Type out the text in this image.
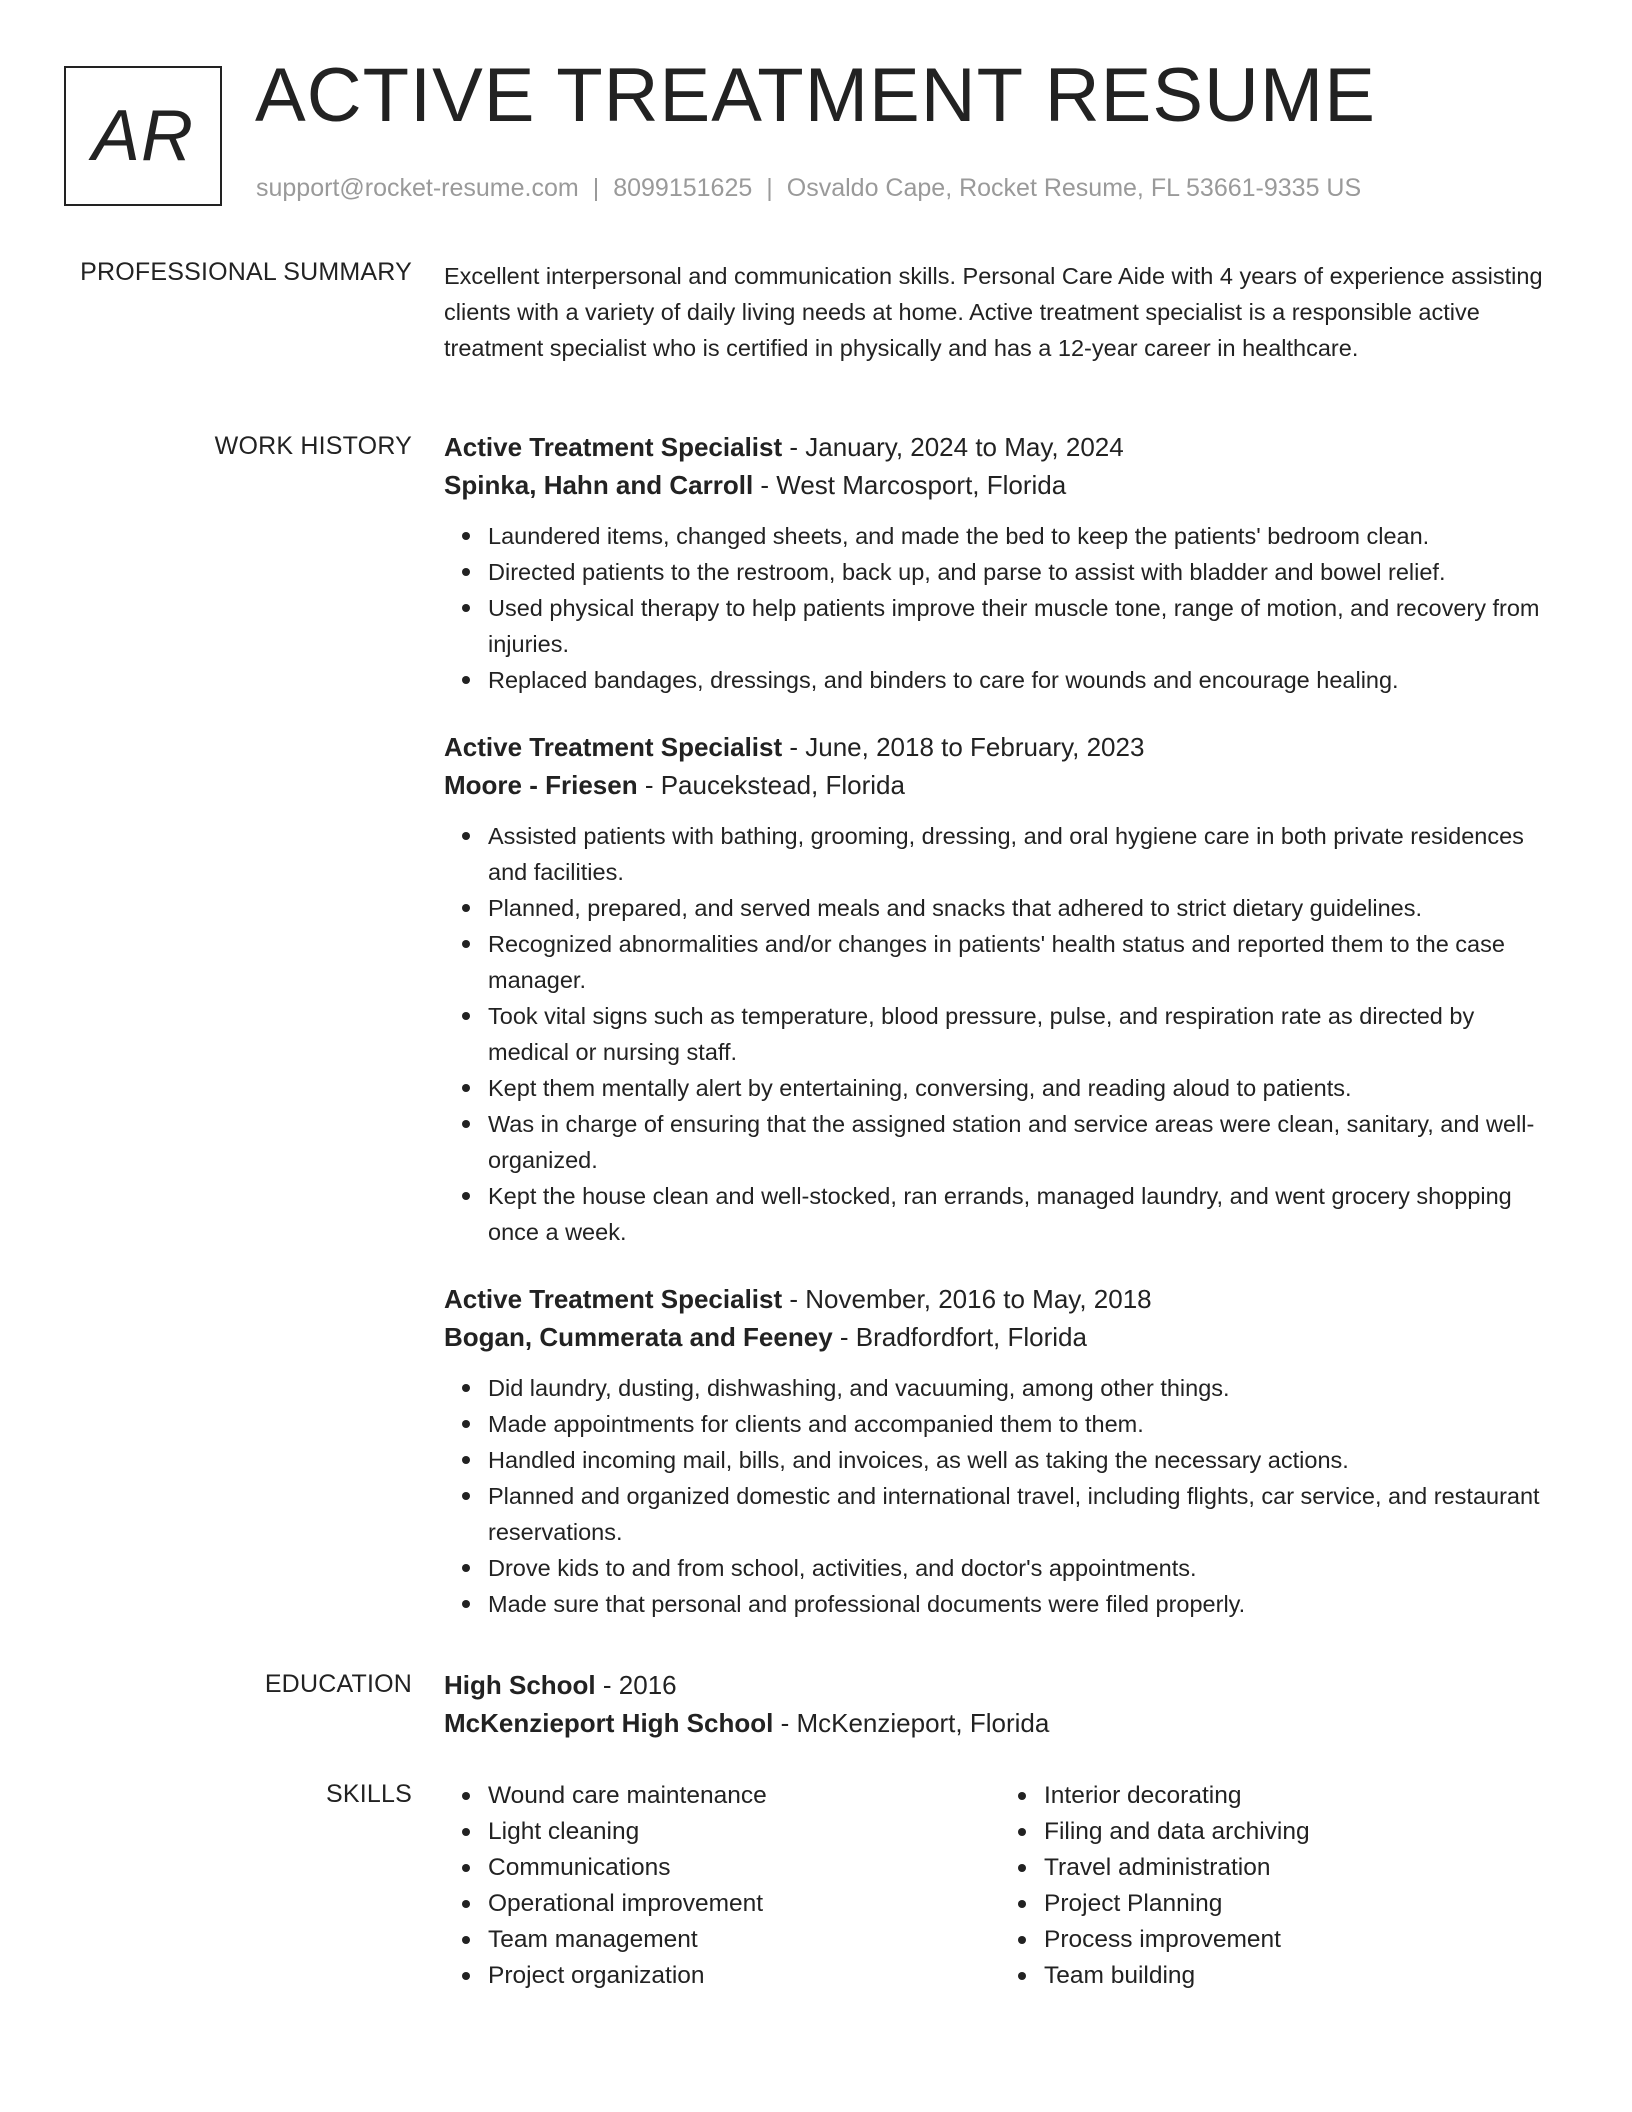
AR ACTIVE TREATMENT RESUME
support@rocket-resume.com | 8099151625 | Osvaldo Cape, Rocket Resume, FL 53661-9335 US
PROFESSIONAL SUMMARY Excellent interpersonal and communication skills. Personal Care Aide with 4 years of experience assisting clients with a variety of daily living needs at home. Active treatment specialist is a responsible active treatment specialist who is certified in physically and has a 12-year career in healthcare.

WORK HISTORY Active Treatment Specialist - January, 2024 to May, 2024

Spinka, Hahn and Carroll - West Marcosport, Florida

Laundered items, changed sheets, and made the bed to keep the patients' bedroom clean.
Directed patients to the restroom, back up, and parse to assist with bladder and bowel relief.
Used physical therapy to help patients improve their muscle tone, range of motion, and recovery from injuries.
Replaced bandages, dressings, and binders to care for wounds and encourage healing.

Active Treatment Specialist - June, 2018 to February, 2023

Moore - Friesen - Paucekstead, Florida

Assisted patients with bathing, grooming, dressing, and oral hygiene care in both private residences and facilities.
Planned, prepared, and served meals and snacks that adhered to strict dietary guidelines.
Recognized abnormalities and/or changes in patients' health status and reported them to the case manager.
Took vital signs such as temperature, blood pressure, pulse, and respiration rate as directed by medical or nursing staff.
Kept them mentally alert by entertaining, conversing, and reading aloud to patients.
Was in charge of ensuring that the assigned station and service areas were clean, sanitary, and well-organized.
Kept the house clean and well-stocked, ran errands, managed laundry, and went grocery shopping once a week.

Active Treatment Specialist - November, 2016 to May, 2018

Bogan, Cummerata and Feeney - Bradfordfort, Florida

Did laundry, dusting, dishwashing, and vacuuming, among other things.
Made appointments for clients and accompanied them to them.
Handled incoming mail, bills, and invoices, as well as taking the necessary actions.
Planned and organized domestic and international travel, including flights, car service, and restaurant reservations.
Drove kids to and from school, activities, and doctor's appointments.
Made sure that personal and professional documents were filed properly.
EDUCATION High School - 2016

McKenzieport High School - McKenzieport, Florida

SKILLS	Wound care maintenance
Light cleaning
Communications
Operational improvement
Team management
Project organization
Interior decorating
Filing and data archiving
Travel administration
Project Planning
Process improvement
Team building
